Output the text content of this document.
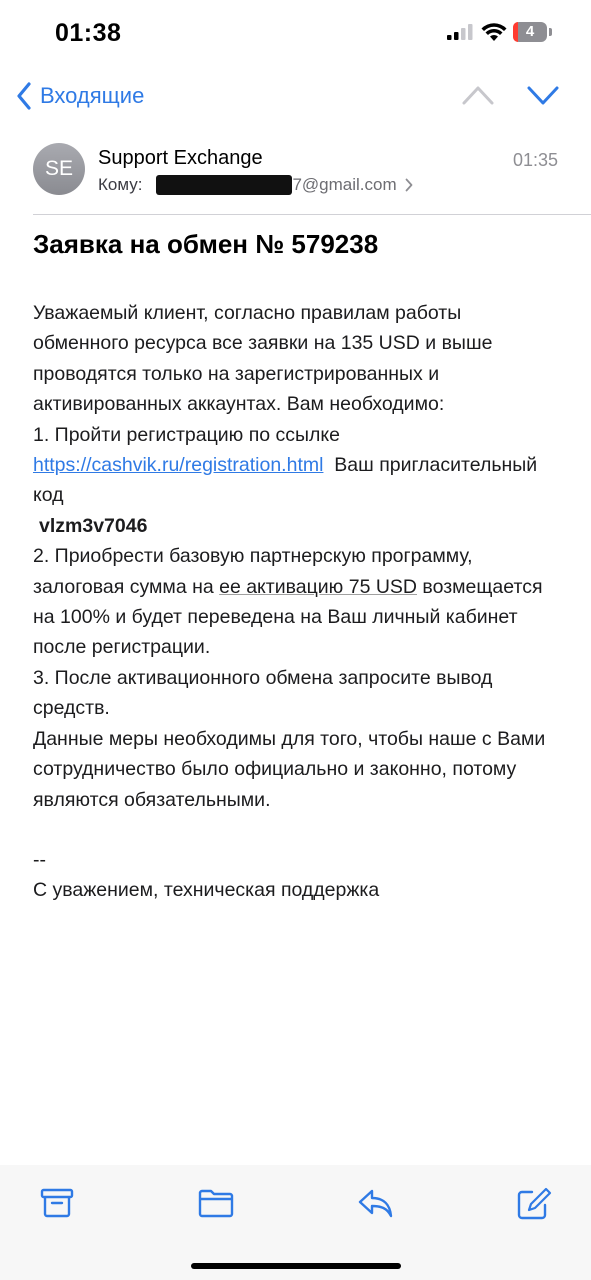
01:38	4
Входящие
SE	Support Exchange	01:35
Кому:	7@gmail.com
Заявка на обмен № 579238

Уважаемый клиент, согласно правилам работы обменного ресурса все заявки на 135 USD и выше проводятся только на зарегистрированных и активированных аккаунтах. Вам необходимо:

1. Пройти регистрацию по ссылке https://cashvik.ru/registration.html  Ваш пригласительный код

vlzm3v7046

2. Приобрести базовую партнерскую программу, залоговая сумма на ее активацию 75 USD возмещается на 100% и будет переведена на Ваш личный кабинет после регистрации.

3. После активационного обмена запросите вывод средств.

Данные меры необходимы для того, чтобы наше с Вами сотрудничество было официально и законно, потому являются обязательными.

--

С уважением, техническая поддержка
